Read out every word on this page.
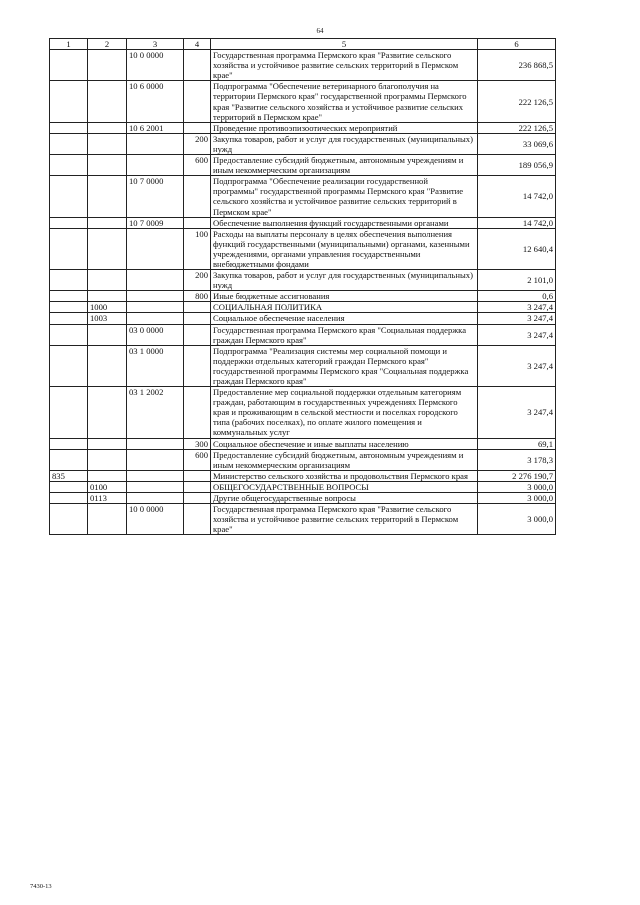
64
1	2	3	4	5	6
		10 0 0000		Государственная программа Пермского края "Развитие сельского хозяйства и устойчивое развитие сельских территорий в Пермском крае"	236 868,5
		10 6 0000		Подпрограмма "Обеспечение ветеринарного благополучия на территории Пермского края" государственной программы Пермского края "Развитие сельского хозяйства и устойчивое развитие сельских территорий в Пермском крае"	222 126,5
		10 6 2001		Проведение противоэпизоотических мероприятий	222 126,5
			200	Закупка товаров, работ и услуг для государственных (муниципальных) нужд	33 069,6
			600	Предоставление субсидий бюджетным, автономным учреждениям и иным некоммерческим организациям	189 056,9
		10 7 0000		Подпрограмма "Обеспечение реализации государственной программы" государственной программы Пермского края "Развитие сельского хозяйства и устойчивое развитие сельских территорий в Пермском крае"	14 742,0
		10 7 0009		Обеспечение выполнения функций государственными органами	14 742,0
			100	Расходы на выплаты персоналу в целях обеспечения выполнения функций государственными (муниципальными) органами, казенными учреждениями, органами управления государственными внебюджетными фондами	12 640,4
			200	Закупка товаров, работ и услуг для государственных (муниципальных) нужд	2 101,0
			800	Иные бюджетные ассигнования	0,6
	1000			СОЦИАЛЬНАЯ ПОЛИТИКА	3 247,4
	1003			Социальное обеспечение населения	3 247,4
		03 0 0000		Государственная программа Пермского края "Социальная поддержка граждан Пермского края"	3 247,4
		03 1 0000		Подпрограмма "Реализация системы мер социальной помощи и поддержки отдельных категорий граждан Пермского края" государственной программы Пермского края "Социальная поддержка граждан Пермского края"	3 247,4
		03 1 2002		Предоставление мер социальной поддержки отдельным категориям граждан, работающим в государственных учреждениях Пермского края и проживающим в сельской местности и поселках городского типа (рабочих поселках), по оплате жилого помещения и коммунальных услуг	3 247,4
			300	Социальное обеспечение и иные выплаты населению	69,1
			600	Предоставление субсидий бюджетным, автономным учреждениям и иным некоммерческим организациям	3 178,3
835				Министерство сельского хозяйства и продовольствия Пермского края	2 276 190,7
	0100			ОБЩЕГОСУДАРСТВЕННЫЕ ВОПРОСЫ	3 000,0
	0113			Другие общегосударственные вопросы	3 000,0
		10 0 0000		Государственная программа Пермского края "Развитие сельского хозяйства и устойчивое развитие сельских территорий в Пермском крае"	3 000,0
7430-13
